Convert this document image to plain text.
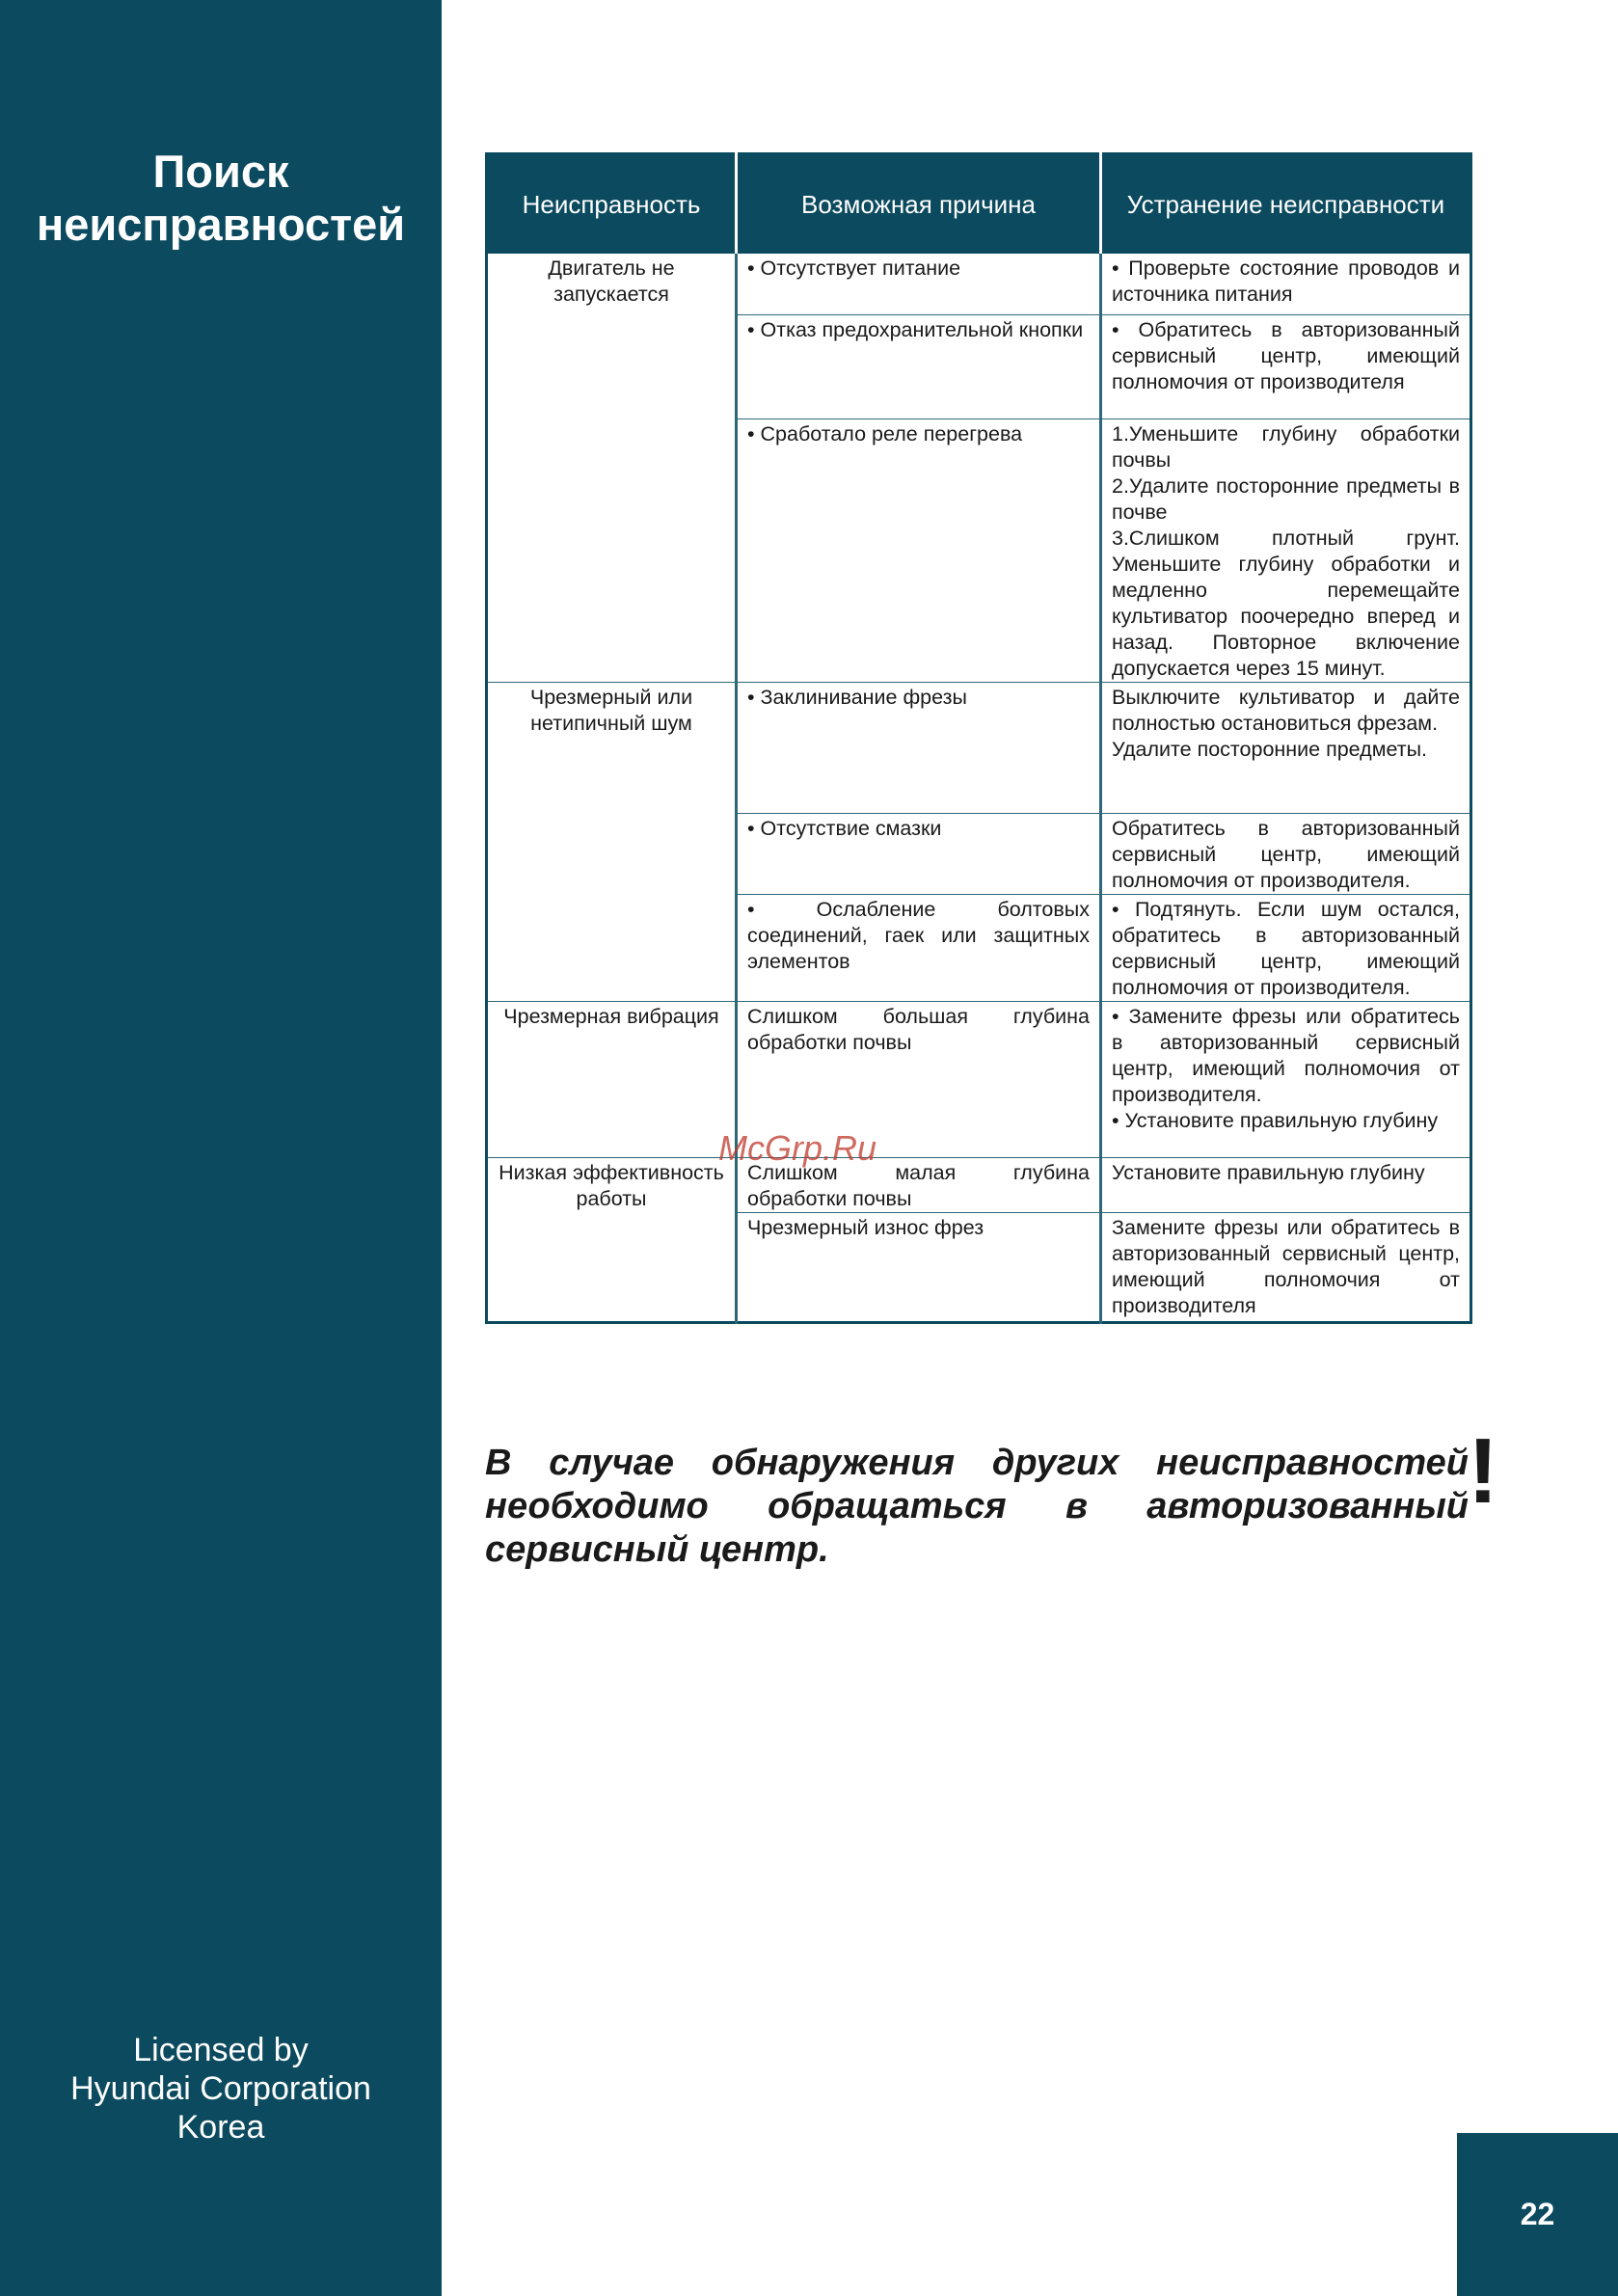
Поиск
неисправностей
Licensed by
Hyundai Corporation
Korea
Неисправность	Возможная причина	Устранение неисправности
Двигатель не запускается	• Отсутствует питание	• Проверьте состояние проводов и источника питания
	• Отказ предохранительной кнопки	• Обратитесь в авторизованный сервисный центр, имеющий полномочия от производителя
	• Сработало реле перегрева	1.Уменьшите глубину обработки почвы
2.Удалите посторонние предметы в почве
3.Слишком плотный грунт. Уменьшите глубину обработки и медленно перемещайте культиватор поочередно вперед и назад. Повторное включение допускается через 15 минут.
Чрезмерный или нетипичный шум	• Заклинивание фрезы	Выключите культиватор и дайте полностью остановиться фрезам.
Удалите посторонние предметы.
	• Отсутствие смазки	Обратитесь в авторизованный сервисный центр, имеющий полномочия от производителя.
	• Ослабление болтовых соединений, гаек или защитных элементов	• Подтянуть. Если шум остался, обратитесь в авторизованный сервисный центр, имеющий полномочия от производителя.
Чрезмерная вибрация	Слишком большая глубина обработки почвы	• Замените фрезы или обратитесь в авторизованный сервисный центр, имеющий полномочия от производителя.
• Установите правильную глубину
Низкая эффективность работы	Слишком малая глубина обработки почвы	Установите правильную глубину
	Чрезмерный износ фрез	Замените фрезы или обратитесь в авторизованный сервисный центр, имеющий полномочия от производителя
McGrp.Ru
В случае обнаружения других неисправностей необходимо обращаться в авторизованный сервисный центр.
!
22
